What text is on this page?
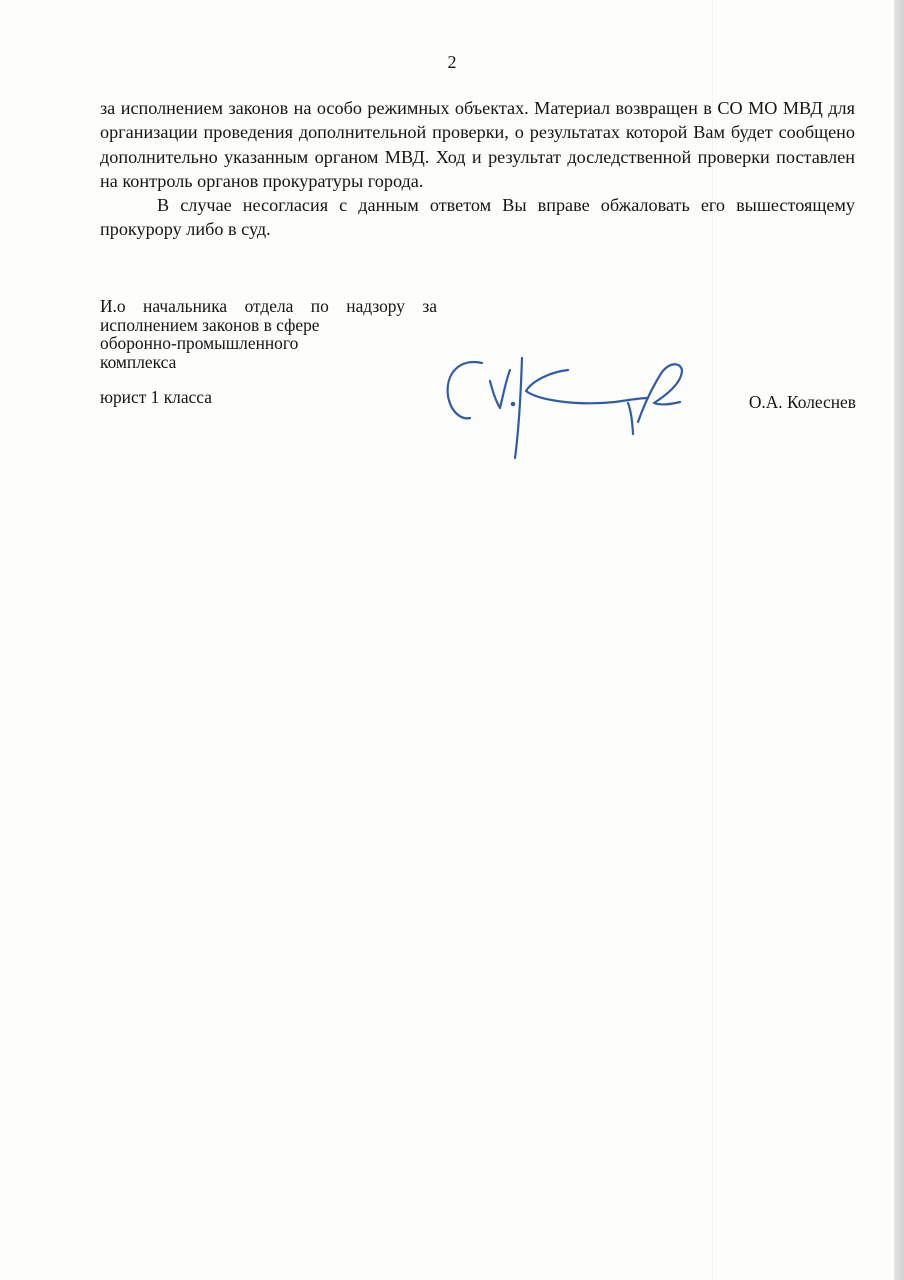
2

за исполнением законов на особо режимных объектах. Материал возвращен в СО МО МВД для организации проведения дополнительной проверки, о результатах которой Вам будет сообщено дополнительно указанным органом МВД. Ход и результат доследственной проверки поставлен на контроль органов прокуратуры города.

В случае несогласия с данным ответом Вы вправе обжаловать его вышестоящему прокурору либо в суд.

И.о начальника отдела по надзору за исполнением законов в сфере

оборонно-промышленного

комплекса

юрист 1 класса	О.А. Колеснев
